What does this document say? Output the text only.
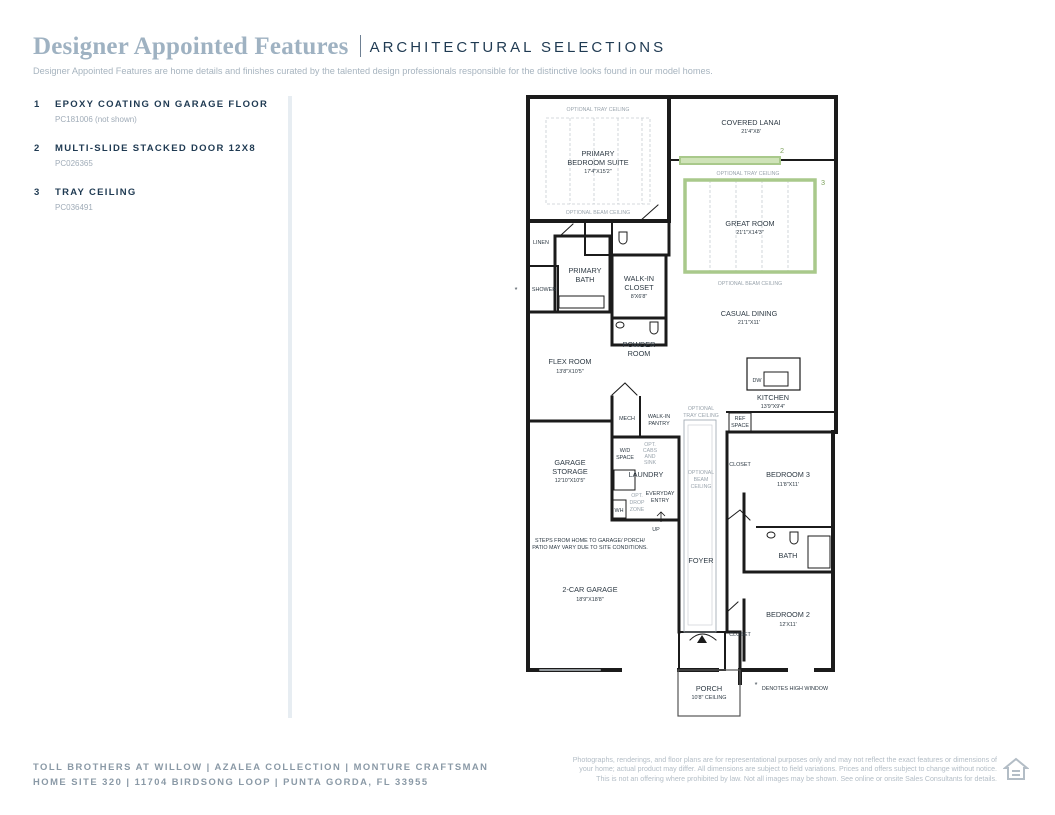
Designer Appointed Features ARCHITECTURAL SELECTIONS
Designer Appointed Features are home details and finishes curated by the talented design professionals responsible for the distinctive looks found in our model homes.
1	EPOXY COATING ON GARAGE FLOOR
PC181006 (not shown)
2	MULTI-SLIDE STACKED DOOR 12X8
PC026365
3	TRAY CEILING
PC036491
COVERED LANAI
21'4"X8'
OPTIONAL TRAY CEILING
PRIMARY
BEDROOM SUITE
17'4"X15'2"
OPTIONAL BEAM CEILING
2
3
OPTIONAL TRAY CEILING
GREAT ROOM
21'1"X14'3"
OPTIONAL BEAM CEILING
CASUAL DINING
21'1"X11'
KITCHEN
13'9"X9'4"
DW
REF
SPACE
LINEN
SHOWER
PRIMARY
BATH	WALK-IN
CLOSET
8'X6'8"
POWDER
ROOM
FLEX ROOM
13'8"X10'5"
MECH WALK-IN
PANTRY
OPTIONAL
TRAY CEILING
OPTIONAL
BEAM
CEILING
GARAGE
STORAGE
12'10"X10'5"
W/D
SPACE
OPT.
CABS
AND
SINK
LAUNDRY
EVERYDAY
ENTRY
OPT.
DROP
ZONE
WH
UP
STEPS FROM HOME TO GARAGE/ PORCH/
PATIO MAY VARY DUE TO SITE CONDITIONS.
2-CAR GARAGE
18'9"X18'8"
FOYER
CLOSET
BEDROOM 3
11'8"X11'
BATH
BEDROOM 2
12'X11'
CLOSET
PORCH
10'8" CEILING
*
* DENOTES HIGH WINDOW
TOLL BROTHERS AT WILLOW | AZALEA COLLECTION | MONTURE CRAFTSMAN
HOME SITE 320 | 11704 BIRDSONG LOOP | PUNTA GORDA, FL 33955
Photographs, renderings, and floor plans are for representational purposes only and may not reflect the exact features or dimensions of
your home; actual product may differ. All dimensions are subject to field variations. Prices and offers subject to change without notice.
This is not an offering where prohibited by law. Not all images may be shown. See online or onsite Sales Consultants for details.
